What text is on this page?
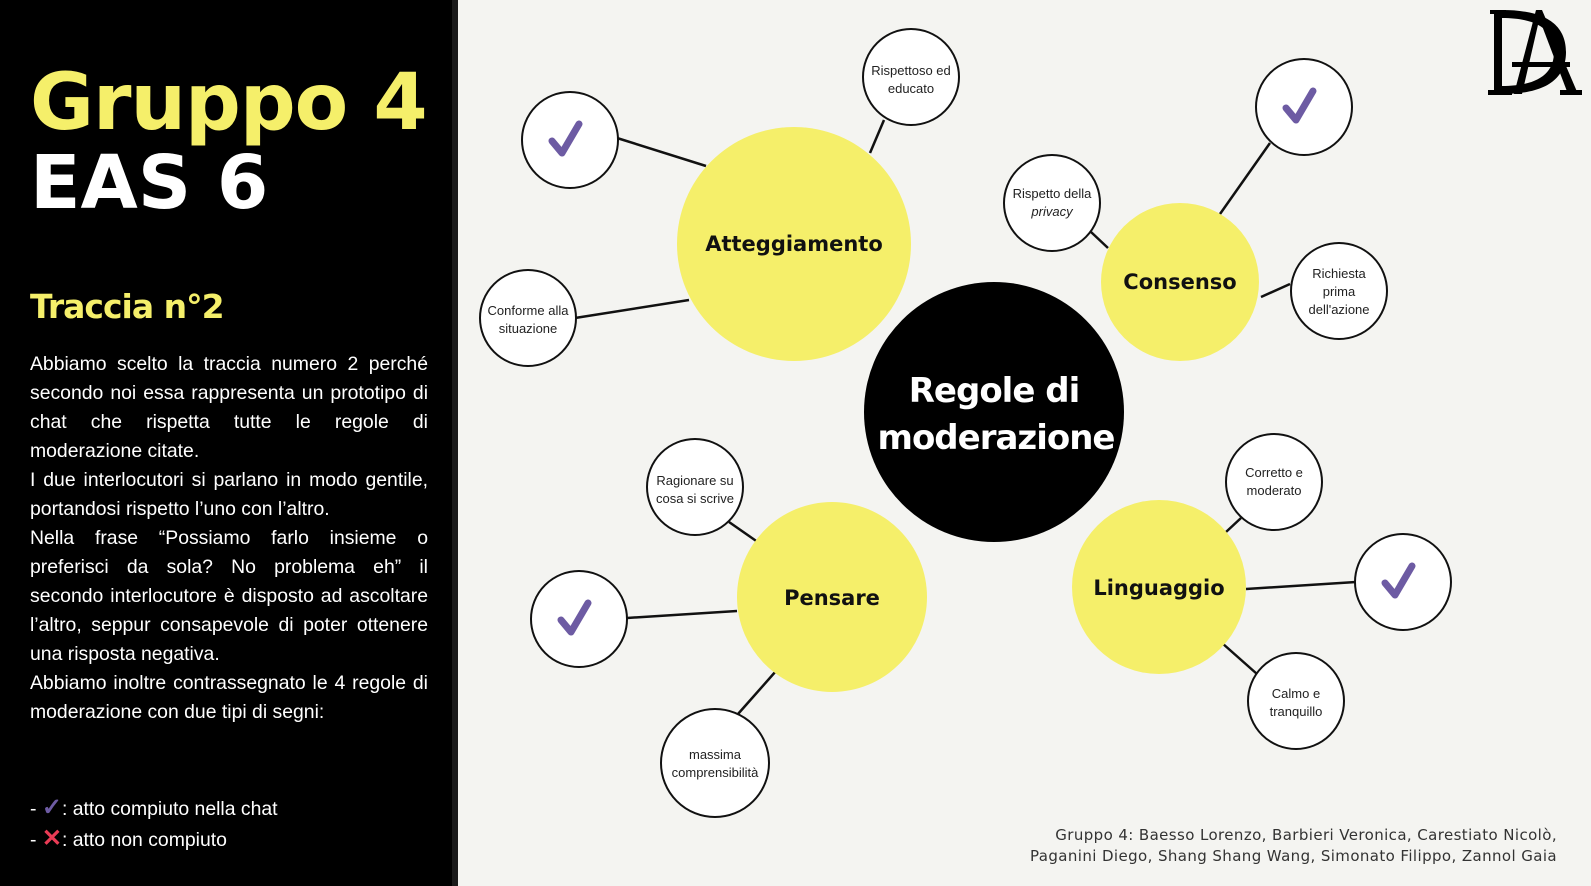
Gruppo 4
EAS 6
Traccia n°2

Abbiamo scelto la traccia numero 2 perché secondo noi essa rappresenta un prototipo di chat che rispetta tutte le regole di moderazione citate.

I due interlocutori si parlano in modo gentile, portandosi rispetto l’uno con l’altro.

Nella frase “Possiamo farlo insieme o preferisci da sola? No problema eh” il secondo interlocutore è disposto ad ascoltare l’altro, seppur consapevole di poter ottenere una risposta negativa.

Abbiamo inoltre contrassegnato le 4 regole di moderazione con due tipi di segni:

- ✓: atto compiuto nella chat
- ✕: atto non compiuto
Regole di
moderazione
Atteggiamento
Rispettoso ed
educato
Conforme alla
situazione
Consenso
Rispetto della
privacy
Richiesta
prima
dell'azione
Pensare
Ragionare su
cosa si scrive
massima
comprensibilità
Linguaggio
Corretto e
moderato
Calmo e
tranquillo
Gruppo 4: Baesso Lorenzo, Barbieri Veronica, Carestiato Nicolò,
Paganini Diego, Shang Shang Wang, Simonato Filippo, Zannol Gaia
